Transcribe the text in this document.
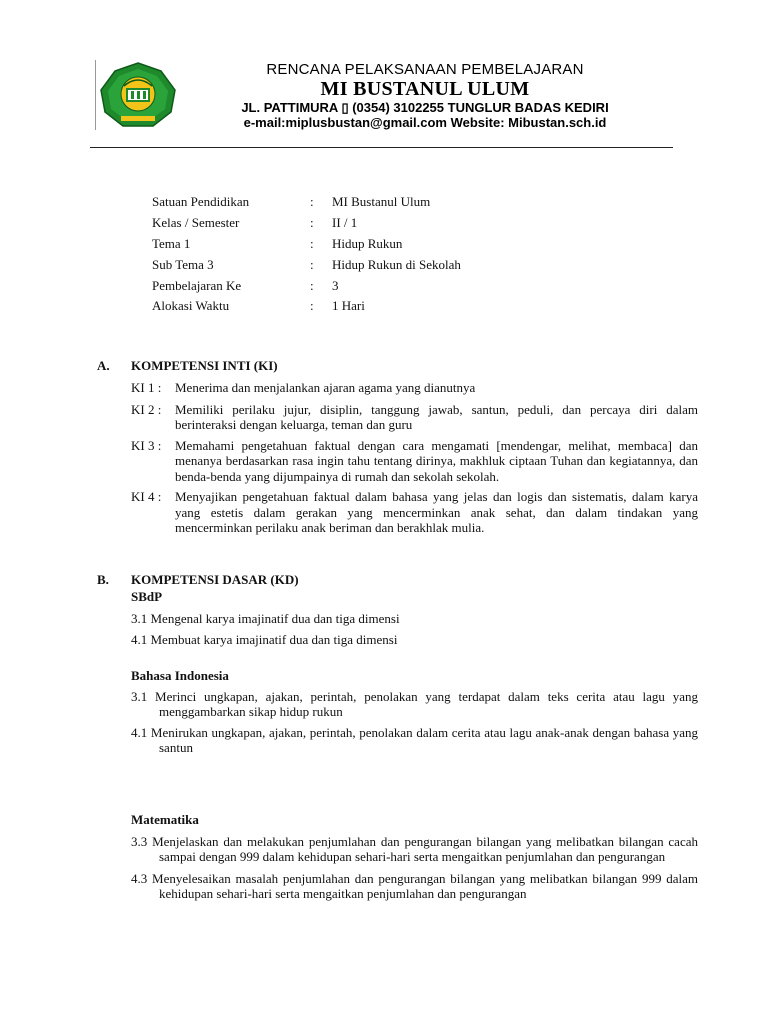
RENCANA PELAKSANAAN PEMBELAJARAN
MI BUSTANUL ULUM
JL. PATTIMURA ▯ (0354) 3102255 TUNGLUR BADAS KEDIRI
e-mail:miplusbustan@gmail.com Website: Mibustan.sch.id
Satuan Pendidikan	:	MI Bustanul Ulum
Kelas / Semester	:	II / 1
Tema 1	:	Hidup Rukun
Sub Tema 3	:	Hidup Rukun di Sekolah
Pembelajaran Ke	:	3
Alokasi Waktu	:	1 Hari
A. KOMPETENSI INTI (KI)
KI 1 :	Menerima dan menjalankan ajaran agama yang dianutnya
KI 2 :	Memiliki perilaku jujur, disiplin, tanggung jawab, santun, peduli, dan percaya diri dalam berinteraksi dengan keluarga, teman dan guru
KI 3 :	Memahami pengetahuan faktual dengan cara mengamati [mendengar, melihat, membaca] dan menanya berdasarkan rasa ingin tahu tentang dirinya, makhluk ciptaan Tuhan dan kegiatannya, dan benda-benda yang dijumpainya di rumah dan sekolah sekolah.
KI 4 :	Menyajikan pengetahuan faktual dalam bahasa yang jelas dan logis dan sistematis, dalam karya yang estetis dalam gerakan yang mencerminkan anak sehat, dan dalam tindakan yang mencerminkan perilaku anak beriman dan berakhlak mulia.
B. KOMPETENSI DASAR (KD)
SBdP
3.1 Mengenal karya imajinatif dua dan tiga dimensi
4.1 Membuat karya imajinatif dua dan tiga dimensi
Bahasa Indonesia
3.1 Merinci ungkapan, ajakan, perintah, penolakan yang terdapat dalam teks cerita atau lagu yang menggambarkan sikap hidup rukun
4.1 Menirukan ungkapan, ajakan, perintah, penolakan dalam cerita atau lagu anak-anak dengan bahasa yang santun
Matematika
3.3 Menjelaskan dan melakukan penjumlahan dan pengurangan bilangan yang melibatkan bilangan cacah sampai dengan 999 dalam kehidupan sehari-hari serta mengaitkan penjumlahan dan pengurangan
4.3 Menyelesaikan masalah penjumlahan dan pengurangan bilangan yang melibatkan bilangan 999 dalam kehidupan sehari-hari serta mengaitkan penjumlahan dan pengurangan
